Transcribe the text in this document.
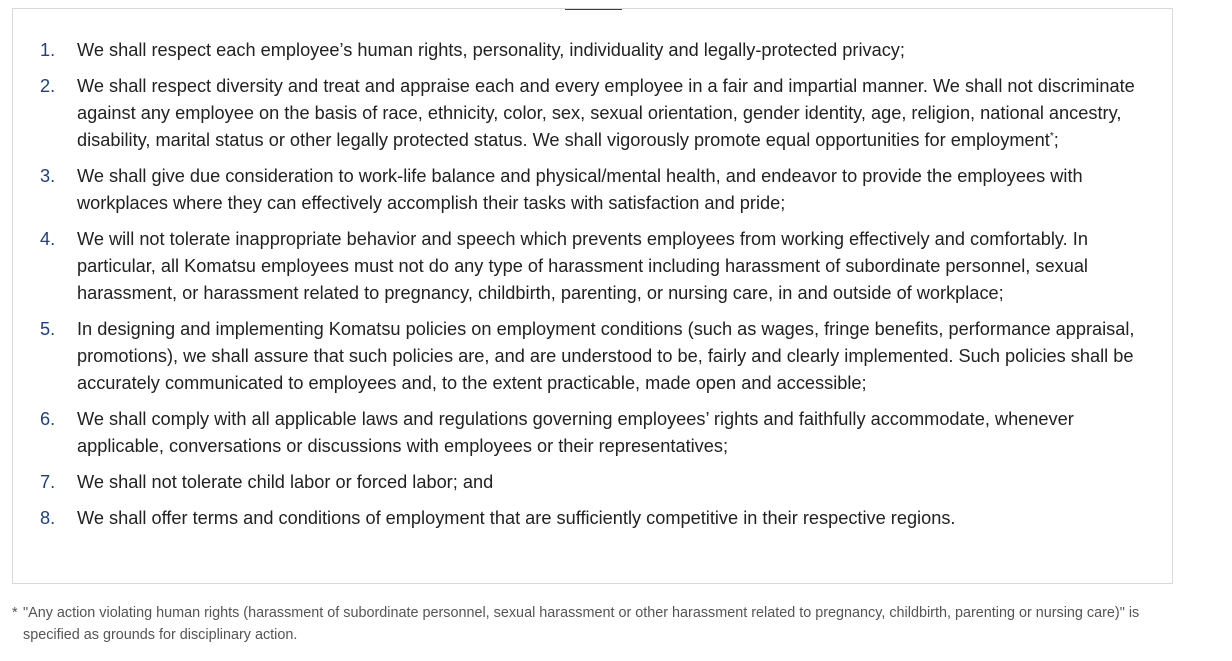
1.	We shall respect each employee’s human rights, personality, individuality and legally-protected privacy;
2.	We shall respect diversity and treat and appraise each and every employee in a fair and impartial manner. We shall not discriminate against any employee on the basis of race, ethnicity, color, sex, sexual orientation, gender identity, age, religion, national ancestry, disability, marital status or other legally protected status. We shall vigorously promote equal opportunities for employment*;
3.	We shall give due consideration to work-life balance and physical/mental health, and endeavor to provide the employees with workplaces where they can effectively accomplish their tasks with satisfaction and pride;
4.	We will not tolerate inappropriate behavior and speech which prevents employees from working effectively and comfortably. In particular, all Komatsu employees must not do any type of harassment including harassment of subordinate personnel, sexual harassment, or harassment related to pregnancy, childbirth, parenting, or nursing care, in and outside of workplace;
5.	In designing and implementing Komatsu policies on employment conditions (such as wages, fringe benefits, performance appraisal, promotions), we shall assure that such policies are, and are understood to be, fairly and clearly implemented. Such policies shall be accurately communicated to employees and, to the extent practicable, made open and accessible;
6.	We shall comply with all applicable laws and regulations governing employees’ rights and faithfully accommodate, whenever applicable, conversations or discussions with employees or their representatives;
7.	We shall not tolerate child labor or forced labor; and
8.	We shall offer terms and conditions of employment that are sufficiently competitive in their respective regions.
* "Any action violating human rights (harassment of subordinate personnel, sexual harassment or other harassment related to pregnancy, childbirth, parenting or nursing care)" is specified as grounds for disciplinary action.
